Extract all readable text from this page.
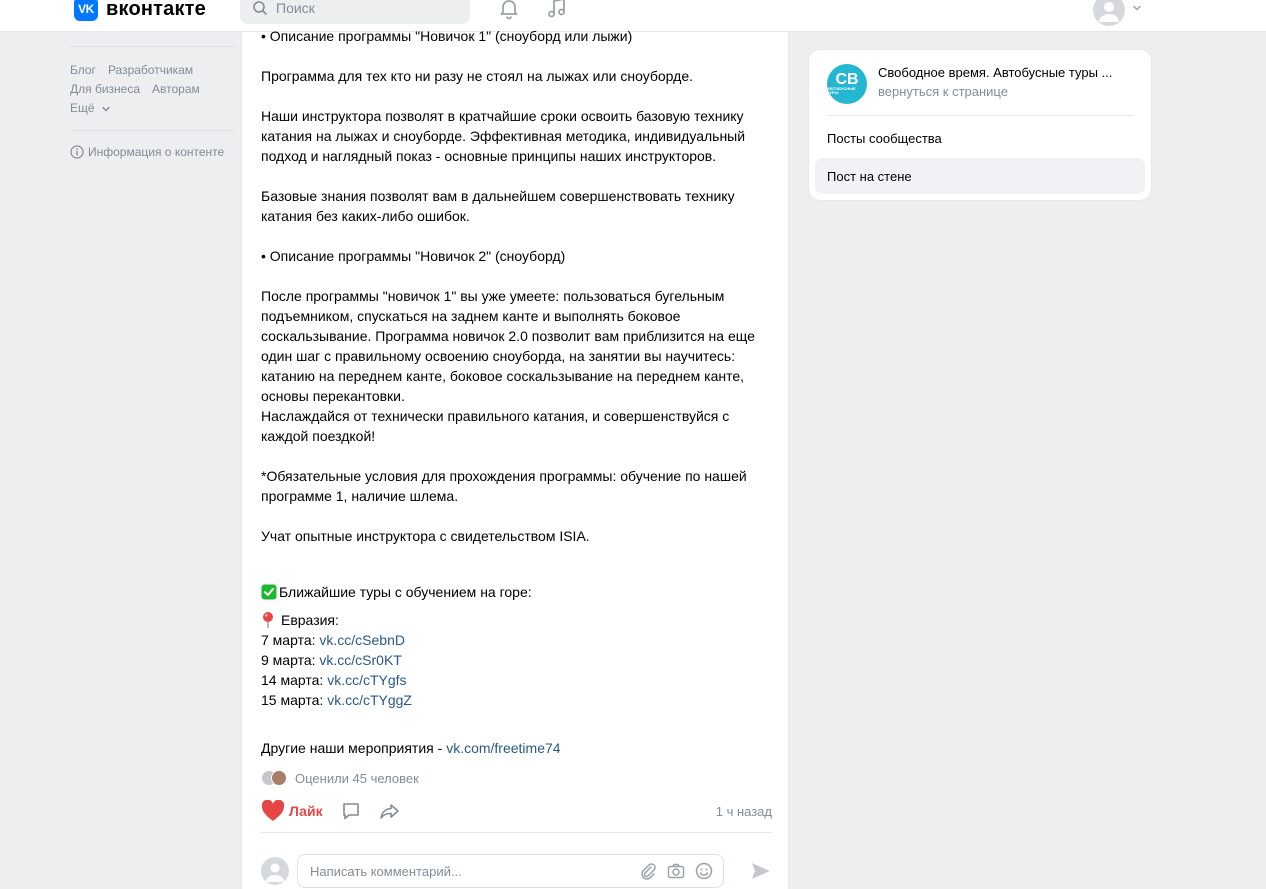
VK вконтакте
Поиск
Блог Разработчикам
Для бизнеса Авторам
Ещё
Информация о контенте

• Описание программы "Новичок 1" (сноуборд или лыжи)

Программа для тех кто ни разу не стоял на лыжах или сноуборде.

Наши инструктора позволят в кратчайшие сроки освоить базовую технику
катания на лыжах и сноуборде. Эффективная методика, индивидуальный
подход и наглядный показ - основные принципы наших инструкторов.

Базовые знания позволят вам в дальнейшем совершенствовать технику
катания без каких-либо ошибок.

• Описание программы "Новичок 2" (сноуборд)

После программы "новичок 1" вы уже умеете: пользоваться бугельным
подъемником, спускаться на заднем канте и выполнять боковое
соскальзывание. Программа новичок 2.0 позволит вам приблизится на еще
один шаг с правильному освоению сноуборда, на занятии вы научитесь:
катанию на переднем канте, боковое соскальзывание на переднем канте,
основы перекантовки.
Наслаждайся от технически правильного катания, и совершенствуйся с
каждой поездкой!

*Обязательные условия для прохождения программы: обучение по нашей
программе 1, наличие шлема.

Учат опытные инструктора с свидетельством ISIA.

Ближайшие туры с обучением на горе:
Евразия:
7 марта: vk.cc/cSebnD
9 марта: vk.cc/cSr0KT
14 марта: vk.cc/cTYgfs
15 марта: vk.cc/cTYggZ
Другие наши мероприятия - vk.com/freetime74
Оценили 45 человек
Лайк	1 ч назад
Написать комментарий...
СВ
АВТОБУСНЫЕ ТУРЫ
Свободное время. Автобусные туры ...
вернуться к странице
Посты сообщества
Пост на стене
